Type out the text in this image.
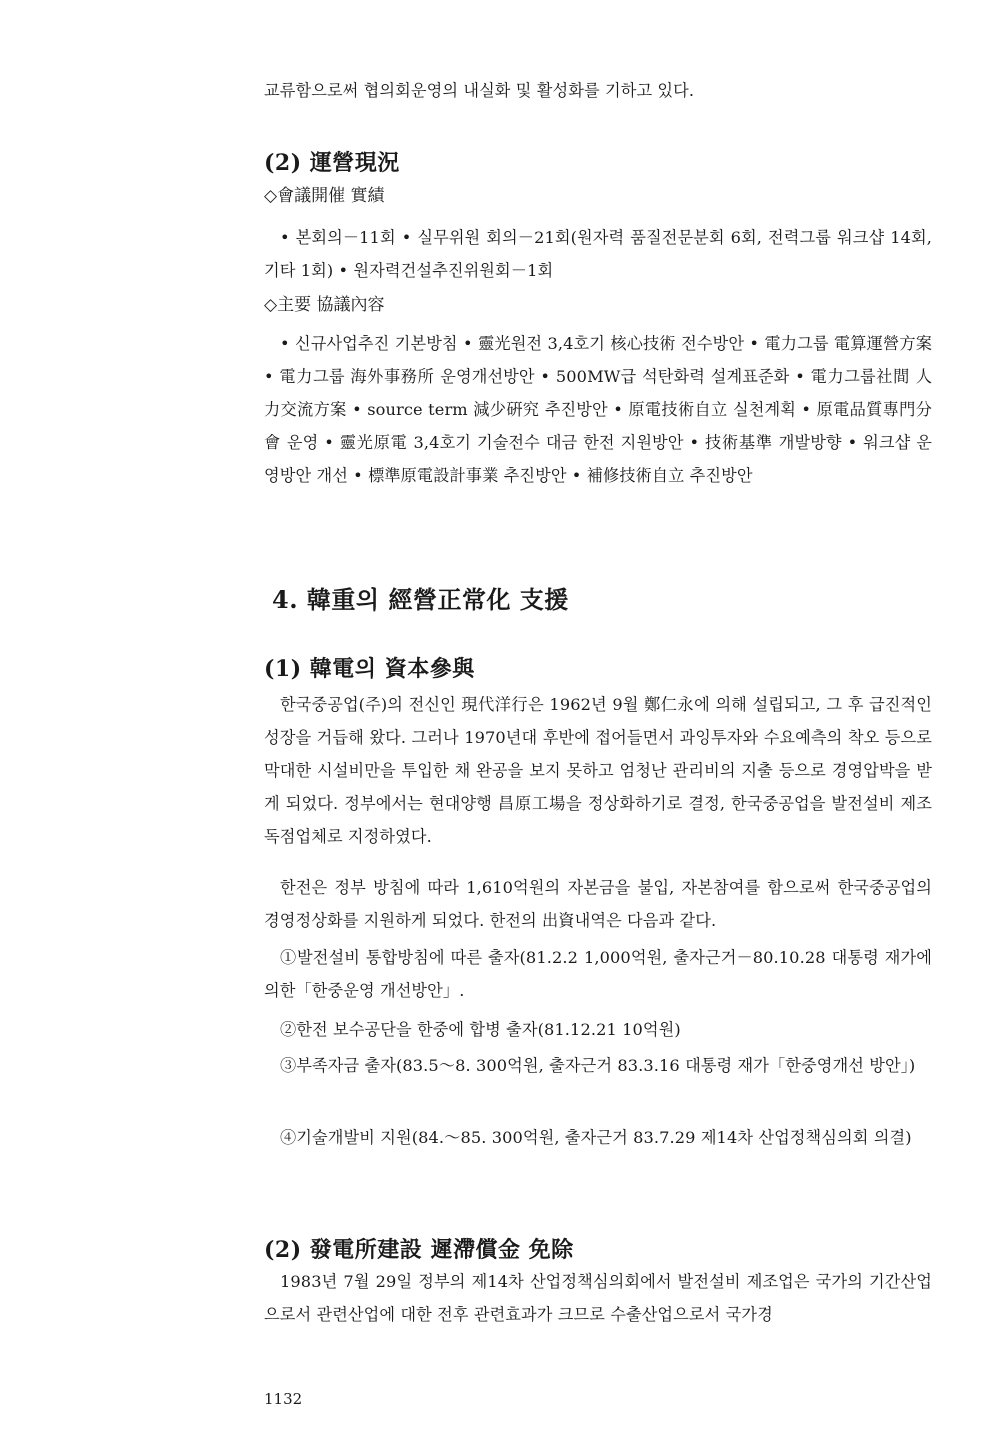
교류함으로써 협의회운영의 내실화 및 활성화를 기하고 있다.

(2) 運營現況

◇會議開催 實績

• 본회의－11회 • 실무위원 회의－21회(원자력 품질전문분회 6회, 전력그룹 워크샵 14회, 기타 1회) • 원자력건설추진위원회－1회

◇主要 協議內容

• 신규사업추진 기본방침 • 靈光원전 3,4호기 核心技術 전수방안 • 電力그룹 電算運營方案 • 電力그룹 海外事務所 운영개선방안 • 500MW급 석탄화력 설계표준화 • 電力그룹社間 人力交流方案 • source term 減少硏究 추진방안 • 原電技術自立 실천계획 • 原電品質專門分會 운영 • 靈光原電 3,4호기 기술전수 대금 한전 지원방안 • 技術基準 개발방향 • 워크샵 운영방안 개선 • 標準原電設計事業 추진방안 • 補修技術自立 추진방안

4. 韓重의 經營正常化 支援
(1) 韓電의 資本參與

한국중공업(주)의 전신인 現代洋行은 1962년 9월 鄭仁永에 의해 설립되고, 그 후 급진적인 성장을 거듭해 왔다. 그러나 1970년대 후반에 접어들면서 과잉투자와 수요예측의 착오 등으로 막대한 시설비만을 투입한 채 완공을 보지 못하고 엄청난 관리비의 지출 등으로 경영압박을 받게 되었다. 정부에서는 현대양행 昌原工場을 정상화하기로 결정, 한국중공업을 발전설비 제조독점업체로 지정하였다.

한전은 정부 방침에 따라 1,610억원의 자본금을 불입, 자본참여를 함으로써 한국중공업의 경영정상화를 지원하게 되었다. 한전의 出資내역은 다음과 같다.

①발전설비 통합방침에 따른 출자(81.2.2 1,000억원, 출자근거－80.10.28 대통령 재가에 의한「한중운영 개선방안」.

②한전 보수공단을 한중에 합병 출자(81.12.21 10억원)

③부족자금 출자(83.5～8. 300억원, 출자근거 83.3.16 대통령 재가「한중영개선 방안」)

④기술개발비 지원(84.～85. 300억원, 출자근거 83.7.29 제14차 산업정책심의회 의결)

(2) 發電所建設 遲滯償金 免除

1983년 7월 29일 정부의 제14차 산업정책심의회에서 발전설비 제조업은 국가의 기간산업으로서 관련산업에 대한 전후 관련효과가 크므로 수출산업으로서 국가경

1132
